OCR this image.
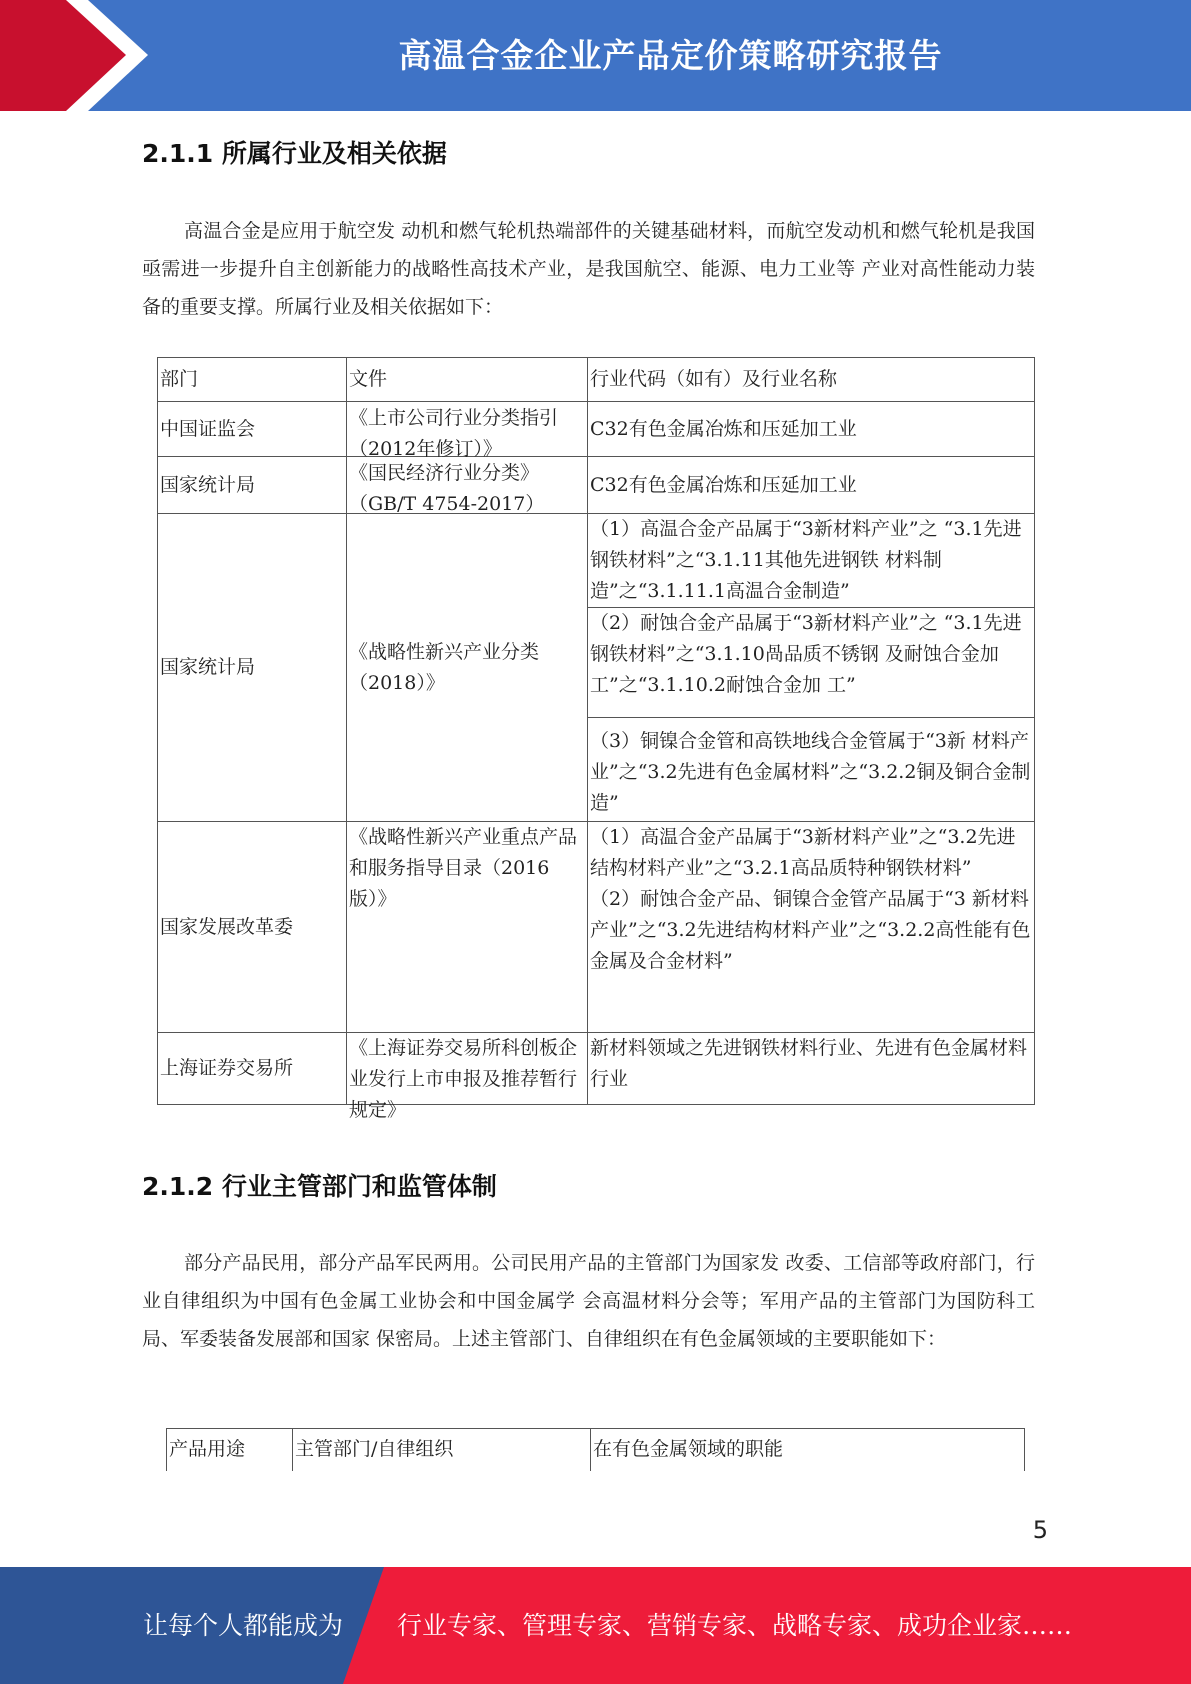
高温合金企业产品定价策略研究报告
2.1.1 所属行业及相关依据

高温合金是应用于航空发 动机和燃气轮机热端部件的关键基础材料，而航空发动机和燃气轮机是我国亟需进一步提升自主创新能力的战略性高技术产业，是我国航空、能源、电力工业等 产业对高性能动力装备的重要支撑。所属行业及相关依据如下：

部门	文件	行业代码（如有）及行业名称
中国证监会	《上市公司行业分类指引（2012年修订）》	C32有色金属冶炼和压延加工业
国家统计局	《国民经济行业分类》（GB/T 4754-2017）	C32有色金属冶炼和压延加工业
国家统计局	《战略性新兴产业分类（2018）》	（1）高温合金产品属于“3新材料产业”之 “3.1先进钢铁材料”之“3.1.11其他先进钢铁 材料制造”之“3.1.11.1高温合金制造”
		（2）耐蚀合金产品属于“3新材料产业”之 “3.1先进钢铁材料”之“3.1.10咼品质不锈钢 及耐蚀合金加工”之“3.1.10.2耐蚀合金加 工”
		（3）铜镍合金管和高铁地线合金管属于“3新 材料产业”之“3.2先进有色金属材料”之“3.2.2铜及铜合金制造”
国家发展改革委	《战略性新兴产业重点产品和服务指导目录（2016版）》	（1）高温合金产品属于“3新材料产业”之“3.2先进结构材料产业”之“3.2.1高品质特种钢铁材料”
（2）耐蚀合金产品、铜镍合金管产品属于“3 新材料产业”之“3.2先进结构材料产业”之“3.2.2高性能有色金属及合金材料”

上海证券交易所	《上海证券交易所科创板企业发行上市申报及推荐暂行规定》	新材料领域之先进钢铁材料行业、先进有色金属材料行业
2.1.2 行业主管部门和监管体制

部分产品民用，部分产品军民两用。公司民用产品的主管部门为国家发 改委、工信部等政府部门，行业自律组织为中国有色金属工业协会和中国金属学 会高温材料分会等；军用产品的主管部门为国防科工局、军委装备发展部和国家 保密局。上述主管部门、自律组织在有色金属领域的主要职能如下：

产品用途	主管部门/自律组织	在有色金属领域的职能
5
让每个人都能成为 行业专家、管理专家、营销专家、战略专家、成功企业家……
